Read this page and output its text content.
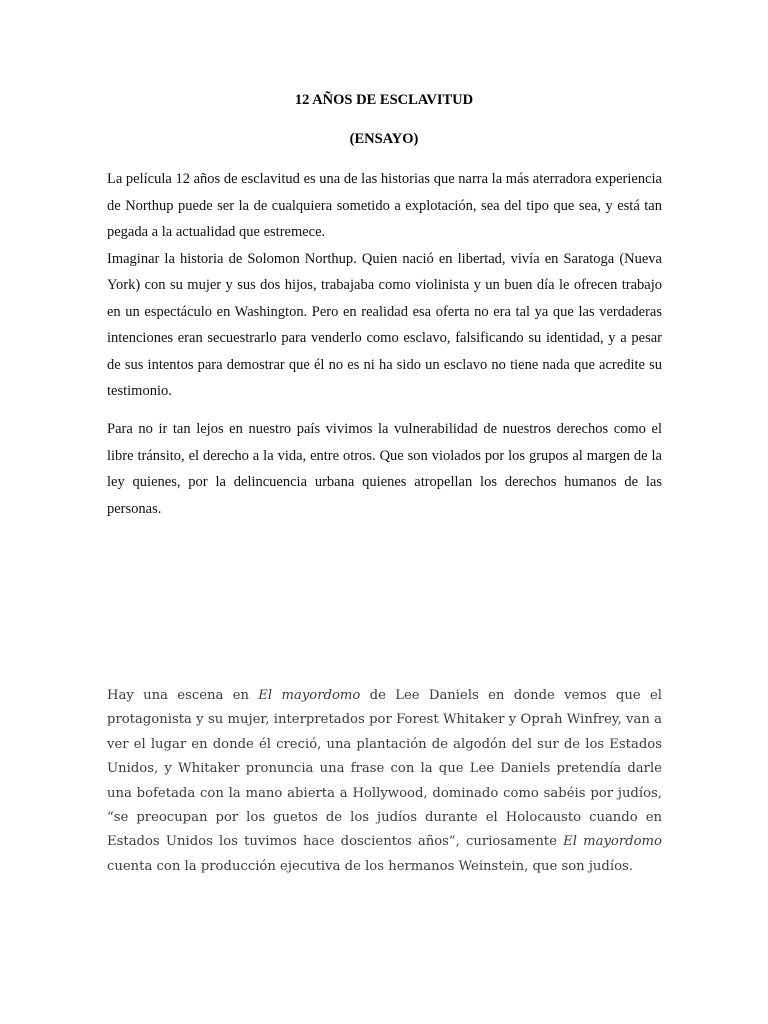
12 AÑOS DE ESCLAVITUD
(ENSAYO)
La película 12 años de esclavitud es una de las historias que narra la más aterradora experiencia de Northup puede ser la de cualquiera sometido a explotación, sea del tipo que sea, y está tan pegada a la actualidad que estremece.
Imaginar la historia de Solomon Northup. Quien nació en libertad, vivía en Saratoga (Nueva York) con su mujer y sus dos hijos, trabajaba como violinista y un buen día le ofrecen trabajo en un espectáculo en Washington. Pero en realidad esa oferta no era tal ya que las verdaderas intenciones eran secuestrarlo para venderlo como esclavo, falsificando su identidad, y a pesar de sus intentos para demostrar que él no es ni ha sido un esclavo no tiene nada que acredite su testimonio.

Para no ir tan lejos en nuestro país vivimos la vulnerabilidad de nuestros derechos como el libre tránsito, el derecho a la vida, entre otros. Que son violados por los grupos al margen de la ley quienes, por la delincuencia urbana quienes atropellan los derechos humanos de las personas.

Hay una escena en El mayordomo de Lee Daniels en donde vemos que el protagonista y su mujer, interpretados por Forest Whitaker y Oprah Winfrey, van a ver el lugar en donde él creció, una plantación de algodón del sur de los Estados Unidos, y Whitaker pronuncia una frase con la que Lee Daniels pretendía darle una bofetada con la mano abierta a Hollywood, dominado como sabéis por judíos, “se preocupan por los guetos de los judíos durante el Holocausto cuando en Estados Unidos los tuvimos hace doscientos años”, curiosamente El mayordomo cuenta con la producción ejecutiva de los hermanos Weinstein, que son judíos.
